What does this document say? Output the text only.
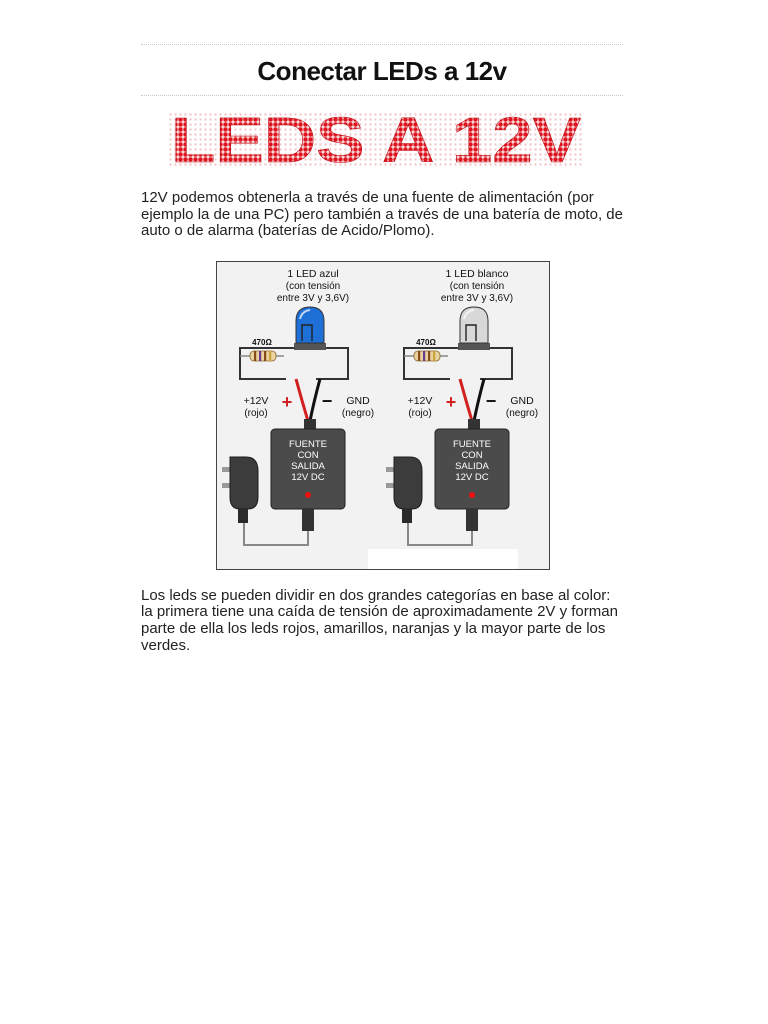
Conectar LEDs a 12v
LEDS A 12V

12V podemos obtenerla a través de una fuente de alimentación (por ejemplo la de una PC) pero también a través de una batería de moto, de auto o de alarma (baterías de Acido/Plomo).

1 LED azul
(con tensión
entre 3V y 3,6V)
470Ω
+12V
(rojo)
+ − GND
(negro)
FUENTE
CON
SALIDA
12V DC
1 LED blanco
(con tensión
entre 3V y 3,6V)
470Ω
+12V
(rojo)
+ − GND
(negro)
FUENTE
CON
SALIDA
12V DC

Los leds se pueden dividir en dos grandes categorías en base al color: la primera tiene una caída de tensión de aproximadamente 2V y forman parte de ella los leds rojos, amarillos, naranjas y la mayor parte de los verdes.
